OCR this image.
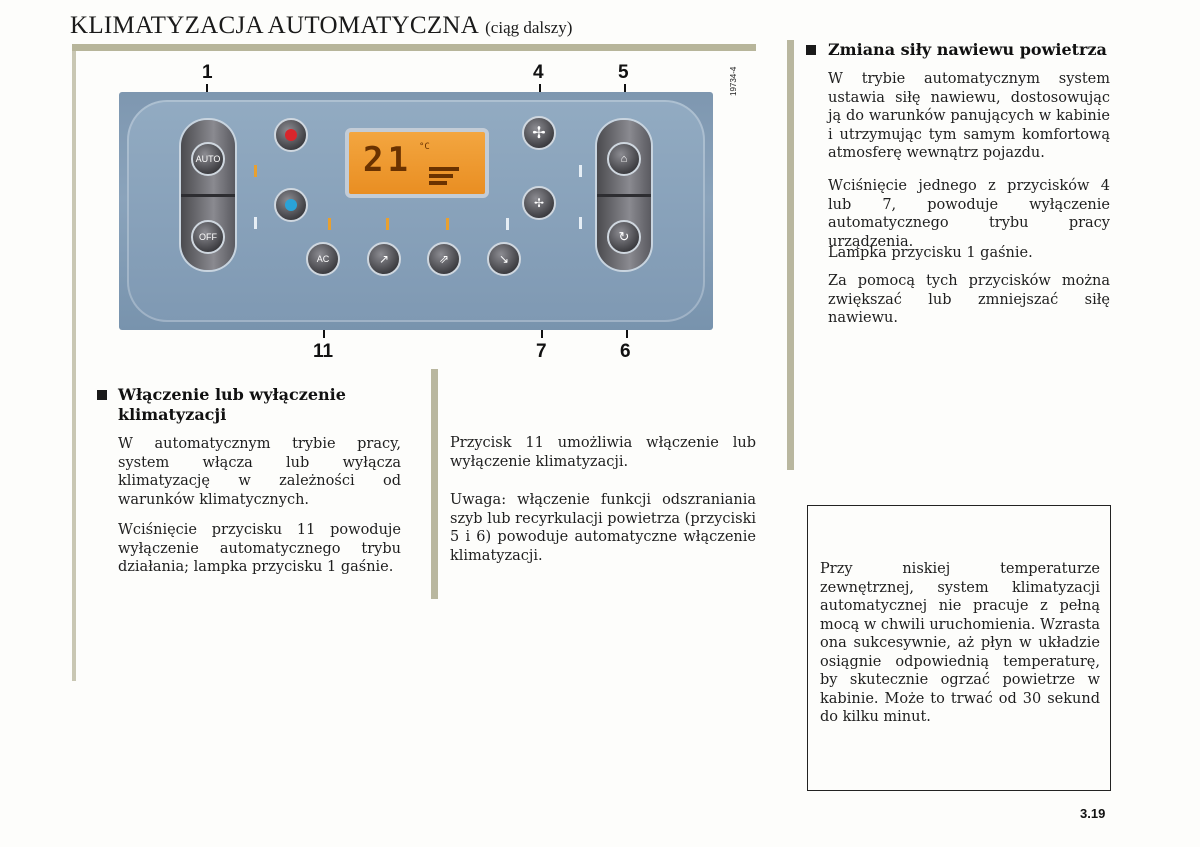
KLIMATYZACJA AUTOMATYCZNA (ciąg dalszy)
1	4	5
11	7	6
19734-4
AUTO
OFF
21 °C
✢
✢
⌂
↻
AC	↗	⇗	↘
Włączenie lub wyłączenie klimatyzacji

W automatycznym trybie pracy, system włącza lub wyłącza klimatyzację w zależności od warunków klimatycznych.

Wciśnięcie przycisku 11 powoduje wyłączenie automatycznego trybu działania; lampka przycisku 1 gaśnie.

Przycisk 11 umożliwia włączenie lub wyłączenie klimatyzacji.

Uwaga: włączenie funkcji odszraniania szyb lub recyrkulacji powietrza (przyciski 5 i 6) powoduje automatyczne włączenie klimatyzacji.

Zmiana siły nawiewu powietrza

W trybie automatycznym system ustawia siłę nawiewu, dostosowując ją do warunków panujących w kabinie i utrzymując tym samym komfortową atmosferę wewnątrz pojazdu.

Wciśnięcie jednego z przycisków 4 lub 7, powoduje wyłączenie automatycznego trybu pracy urządzenia.

Lampka przycisku 1 gaśnie.

Za pomocą tych przycisków można zwiększać lub zmniejszać siłę nawiewu.

Przy niskiej temperaturze zewnętrznej, system klimatyzacji automatycznej nie pracuje z pełną mocą w chwili uruchomienia. Wzrasta ona sukcesywnie, aż płyn w układzie osiągnie odpowiednią temperaturę, by skutecznie ogrzać powietrze w kabinie. Może to trwać od 30 sekund do kilku minut.

3.19
